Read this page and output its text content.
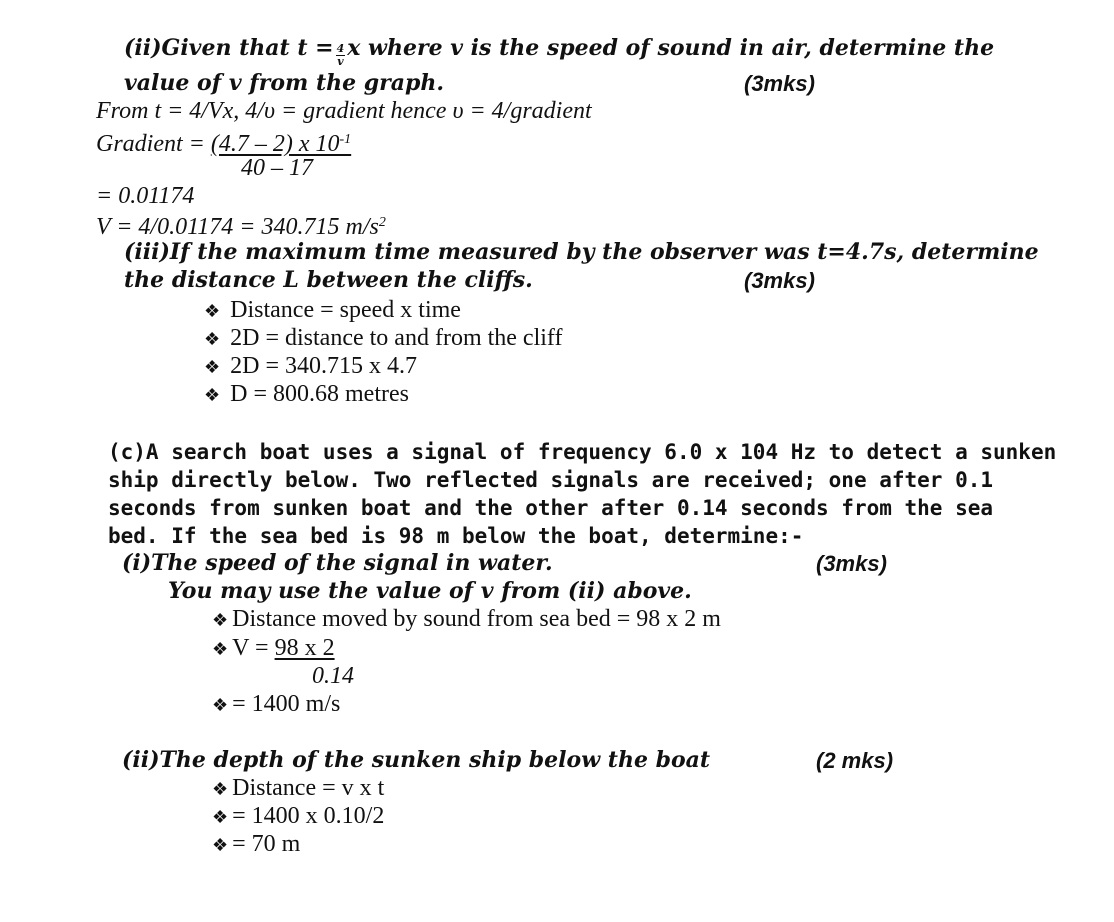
(ii)Given that $t = \frac{4}{v}$ x where v is the speed of sound in air, determine the
value of v from the graph.	(3mks)
From t = 4/Vx, 4/υ = gradient hence υ = 4/gradient
Gradient = (4.7 – 2) x $10^{-1}$
40 – 17
= 0.01174
V = 4/0.01174 = 340.715 $m/s^2$
(iii)If the maximum time measured by the observer was t=4.7s, determine
the distance L between the cliffs.	(3mks)
❖ Distance = speed x time
❖ 2D = distance to and from the cliff
❖ 2D = 340.715 x 4.7
❖ D = 800.68 metres
(c)A search boat uses a signal of frequency 6.0 x 104 Hz to detect a sunken
ship directly below. Two reflected signals are received; one after 0.1
seconds from sunken boat and the other after 0.14 seconds from the sea
bed. If the sea bed is 98 m below the boat, determine:-
(i)The speed of the signal in water.	(3mks)
You may use the value of v from (ii) above.
❖ Distance moved by sound from sea bed = 98 x 2 m
❖ V = 98 x 2
0.14
❖ = 1400 m/s
(ii)The depth of the sunken ship below the boat	(2 mks)
❖ Distance = v x t
❖ = 1400 x 0.10/2
❖ = 70 m
